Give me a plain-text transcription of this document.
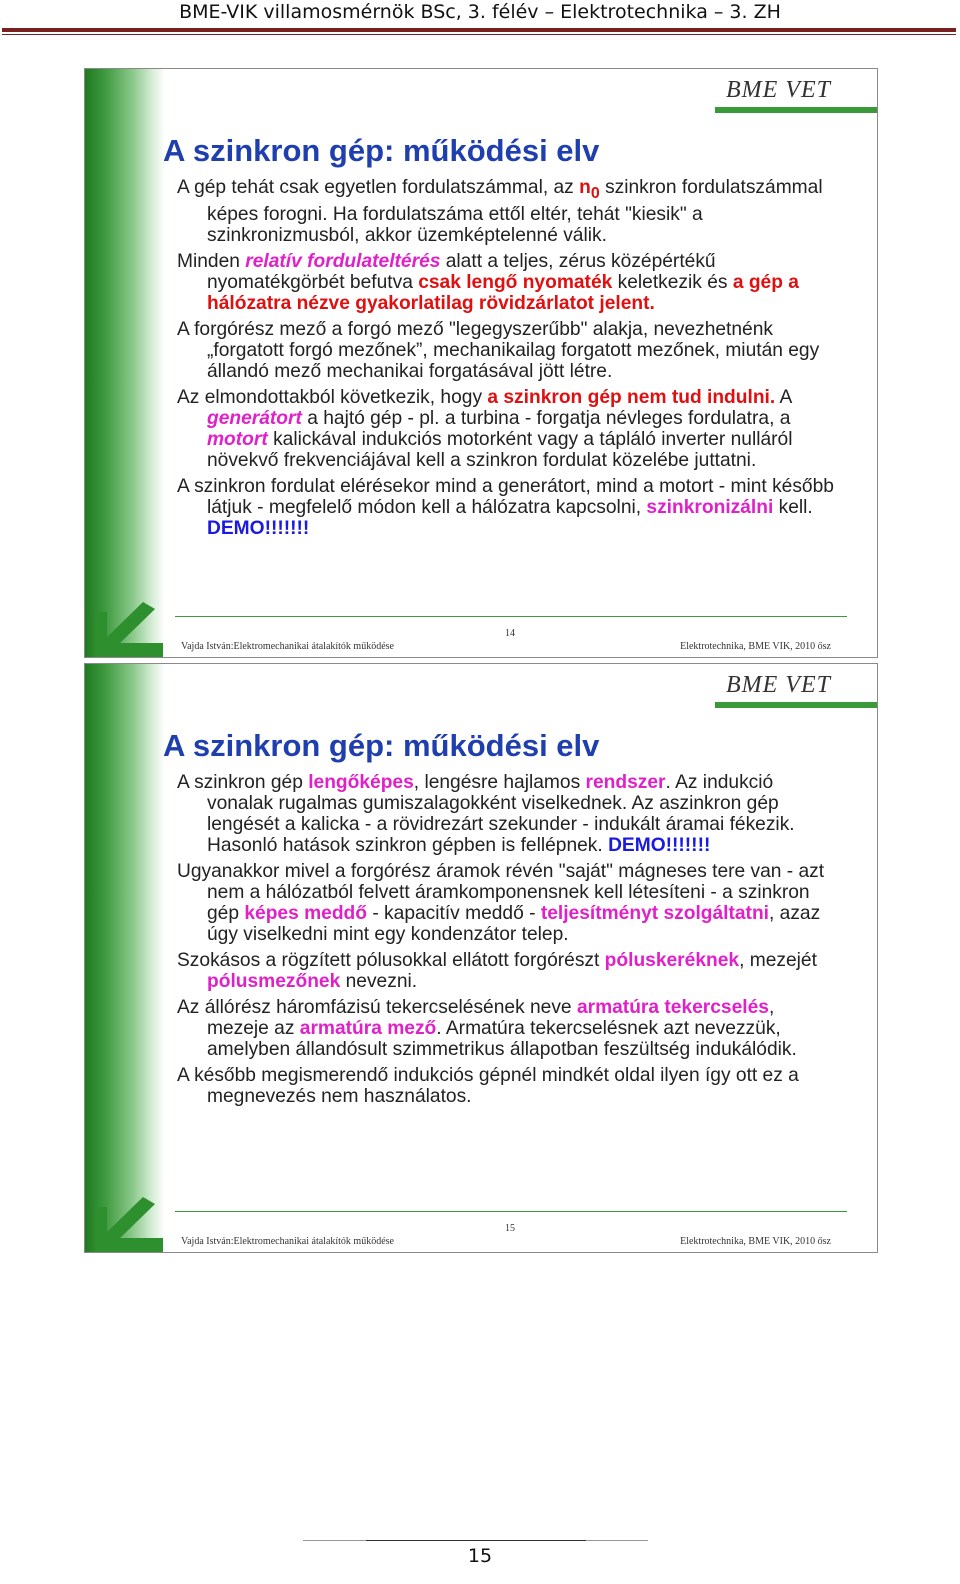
BME-VIK villamosmérnök BSc, 3. félév – Elektrotechnika – 3. ZH
BME VET
A szinkron gép: működési elv

A gép tehát csak egyetlen fordulatszámmal, az $n_0$ szinkron fordulatszámmal képes forogni. Ha fordulatszáma ettől eltér, tehát "kiesik" a szinkronizmusból, akkor üzemképtelenné válik.

Minden relatív fordulateltérés alatt a teljes, zérus középértékű nyomatékgörbét befutva csak lengő nyomaték keletkezik és a gép a hálózatra nézve gyakorlatilag rövidzárlatot jelent.

A forgórész mező a forgó mező "legegyszerűbb" alakja, nevezhetnénk „forgatott forgó mezőnek”, mechanikailag forgatott mezőnek, miután egy állandó mező mechanikai forgatásával jött létre.

Az elmondottakból következik, hogy a szinkron gép nem tud indulni. A generátort a hajtó gép - pl. a turbina - forgatja névleges fordulatra, a motort kalickával indukciós motorként vagy a tápláló inverter nulláról növekvő frekvenciájával kell a szinkron fordulat közelébe juttatni.

A szinkron fordulat elérésekor mind a generátort, mind a motort - mint később látjuk - megfelelő módon kell a hálózatra kapcsolni, szinkronizálni kell. DEMO!!!!!!!

14
Vajda István:Elektromechanikai átalakítók működése	Elektrotechnika, BME VIK, 2010 ősz
BME VET
A szinkron gép: működési elv

A szinkron gép lengőképes, lengésre hajlamos rendszer. Az indukció vonalak rugalmas gumiszalagokként viselkednek. Az aszinkron gép lengését a kalicka - a rövidrezárt szekunder - indukált áramai fékezik. Hasonló hatások szinkron gépben is fellépnek. DEMO!!!!!!!

Ugyanakkor mivel a forgórész áramok révén "saját" mágneses tere van - azt nem a hálózatból felvett áramkomponensnek kell létesíteni - a szinkron gép képes meddő - kapacitív meddő - teljesítményt szolgáltatni, azaz úgy viselkedni mint egy kondenzátor telep.

Szokásos a rögzített pólusokkal ellátott forgórészt póluskeréknek, mezejét pólusmezőnek nevezni.

Az állórész háromfázisú tekercselésének neve armatúra tekercselés, mezeje az armatúra mező. Armatúra tekercselésnek azt nevezzük, amelyben állandósult szimmetrikus állapotban feszültség indukálódik.

A később megismerendő indukciós gépnél mindkét oldal ilyen így ott ez a megnevezés nem használatos.

15
Vajda István:Elektromechanikai átalakítók működése	Elektrotechnika, BME VIK, 2010 ősz
15
